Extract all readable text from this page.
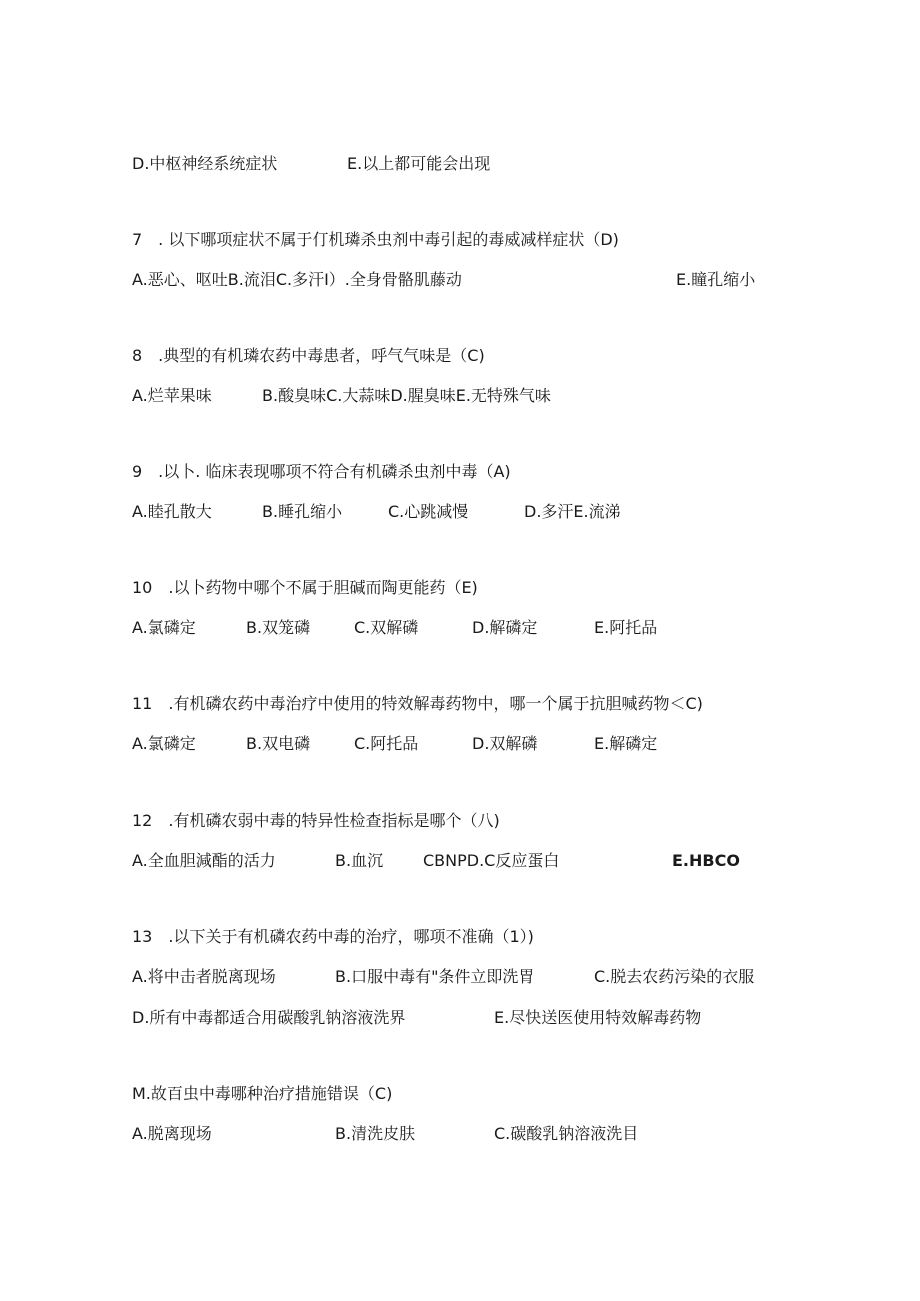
D.中枢神经系统症状	E.以上都可能会出现
7 . 以下哪项症状不属于仃机璘杀虫剂中毒引起的毒威减样症状（D)
A.恶心、呕吐B.流泪C.多汗I）.全身骨骼肌藤动	E.瞳孔缩小
8 .典型的有机璘农药中毒患者，呼气气味是（C)
A.烂苹果味	B.酸臭味C.大蒜味D.腥臭味E.无特殊气味
9 .以卜. 临床表现哪项不符合有机磷杀虫剂中毒（A)
A.睦孔散大	B.睡孔缩小	C.心跳减慢	D.多汗E.流涕
10 .以卜药物中哪个不属于胆碱而陶更能药（E)
A.氯磷定	B.双笼磷	C.双解磷	D.解磷定	E.阿托品
11 .有机磷农药中毒治疗中使用的特效解毒药物中，哪一个属于抗胆喊药物＜C)
A.氯磷定	B.双电磷	C.阿托品	D.双解磷	E.解磷定
12 .有机磷农弱中毒的特异性检查指标是哪个（八)
A.全血胆減酯的活力	B.血沉 CBNPD.C反应蛋白	E.HBCO
13 .以下关于有机磷农药中毒的治疗，哪项不准确（1）)
A.将中击者脱离现场	B.口服中毒有"条件立即洗胃	C.脱去农药污染的衣服
D.所有中毒都适合用碳酸乳钠溶液洗界	E.尽快送医使用特效解毒药物
M.故百虫中毒哪种治疗措施错误（C)
A.脱离现场	B.清洗皮肤	C.碳酸乳钠溶液洗目
